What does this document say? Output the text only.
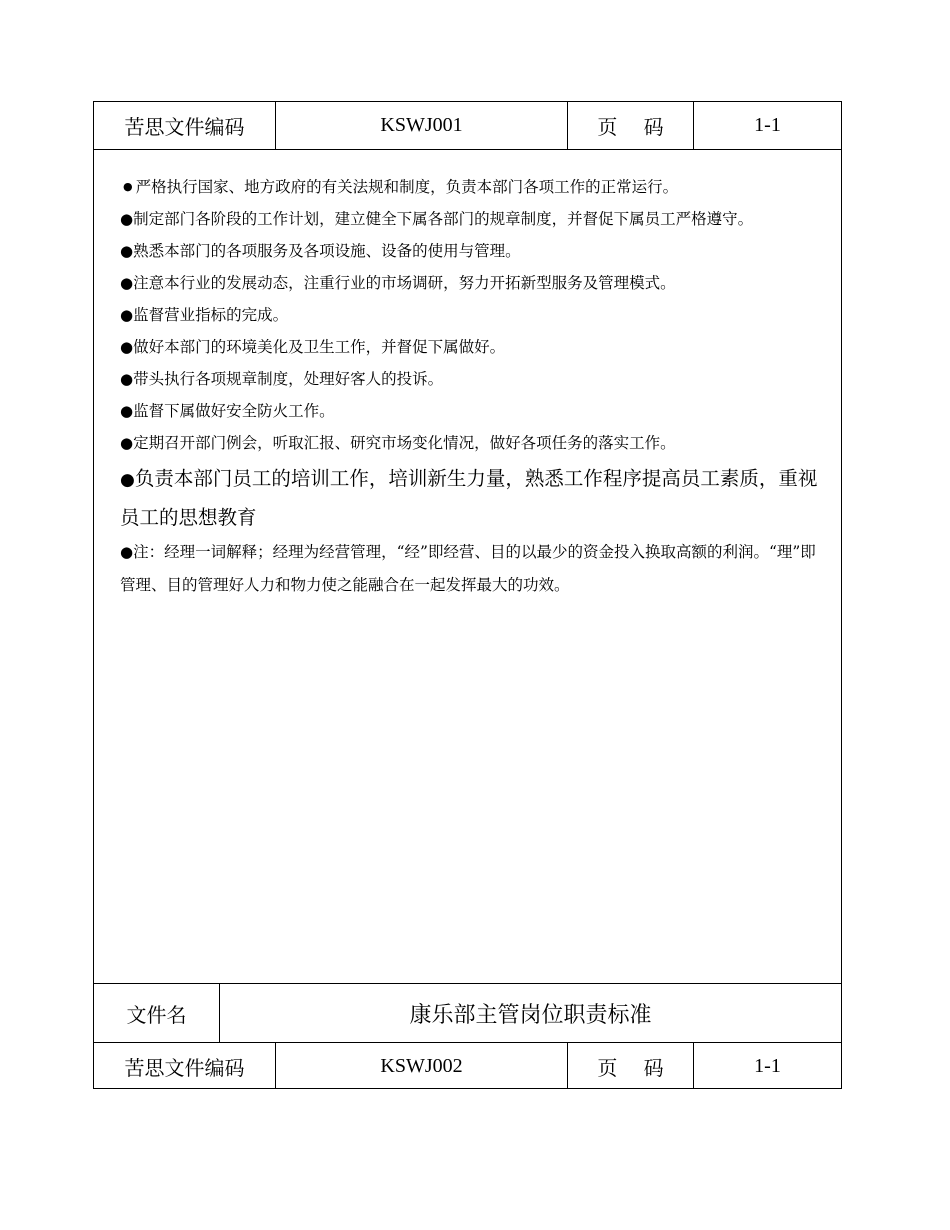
苦思文件编码	KSWJ001	页 码	1-1

● 严格执行国家、地方政府的有关法规和制度，负责本部门各项工作的正常运行。

●制定部门各阶段的工作计划，建立健全下属各部门的规章制度，并督促下属员工严格遵守。

●熟悉本部门的各项服务及各项设施、设备的使用与管理。

●注意本行业的发展动态，注重行业的市场调研，努力开拓新型服务及管理模式。

●监督营业指标的完成。

●做好本部门的环境美化及卫生工作，并督促下属做好。

●带头执行各项规章制度，处理好客人的投诉。

●监督下属做好安全防火工作。

●定期召开部门例会，听取汇报、研究市场变化情况，做好各项任务的落实工作。

●负责本部门员工的培训工作，培训新生力量，熟悉工作程序提高员工素质，重视员工的思想教育

●注：经理一词解释；经理为经营管理，“经”即经营、目的以最少的资金投入换取高额的利润。“理”即管理、目的管理好人力和物力使之能融合在一起发挥最大的功效。

文件名	康乐部主管岗位职责标准
苦思文件编码	KSWJ002	页 码	1-1
